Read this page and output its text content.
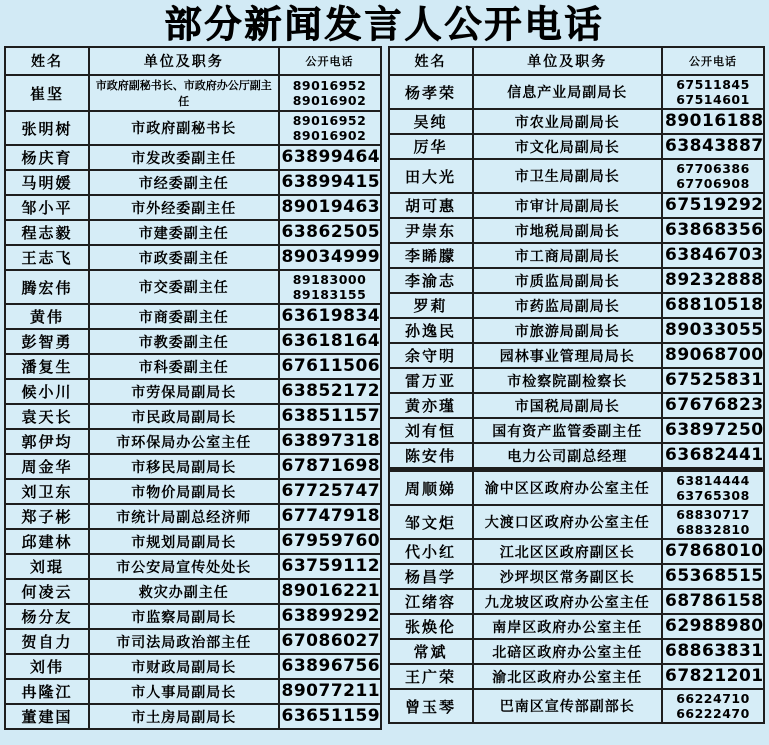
部分新闻发言人公开电话
姓名	单位及职务	公开电话
崔坚	市政府副秘书长、市政府办公厅副主任	89016952
89016902

张明树	市政府副秘书长	89016952
89016902

杨庆育	市发改委副主任	63899464

马明媛	市经委副主任	63899415

邹小平	市外经委副主任	89019463

程志毅	市建委副主任	63862505

王志飞	市政委副主任	89034999

腾宏伟	市交委副主任	89183000
89183155

黄伟	市商委副主任	63619834

彭智勇	市教委副主任	63618164

潘复生	市科委副主任	67611506

候小川	市劳保局副局长	63852172

袁天长	市民政局副局长	63851157

郭伊均	市环保局办公室主任	63897318

周金华	市移民局副局长	67871698

刘卫东	市物价局副局长	67725747

郑子彬	市统计局副总经济师	67747918

邱建林	市规划局副局长	67959760

刘琨	市公安局宣传处处长	63759112

何凌云	救灾办副主任	89016221

杨分友	市监察局副局长	63899292

贺自力	市司法局政治部主任	67086027

刘伟	市财政局副局长	63896756

冉隆江	市人事局副局长	89077211

董建国	市土房局副局长	63651159
姓名	单位及职务	公开电话
杨孝荣	信息产业局副局长	67511845
67514601

吴纯	市农业局副局长	89016188

厉华	市文化局副局长	63843887

田大光	市卫生局副局长	67706386
67706908

胡可惠	市审计局副局长	67519292

尹崇东	市地税局副局长	63868356

李睎朦	市工商局副局长	63846703

李渝志	市质监局副局长	89232888

罗莉	市药监局副局长	68810518

孙逸民	市旅游局副局长	89033055

余守明	园林事业管理局局长	89068700

雷万亚	市检察院副检察长	67525831

黄亦瑾	市国税局副局长	67676823

刘有恒	国有资产监管委副主任	63897250

陈安伟	电力公司副总经理	63682441

周顺娣	渝中区区政府办公室主任	63814444
63765308

邹文炬	大渡口区政府办公室主任	68830717
68832810

代小红	江北区区政府副区长	67868010

杨昌学	沙坪坝区常务副区长	65368515

江绪容	九龙坡区政府办公室主任	68786158

张焕伦	南岸区政府办公室主任	62988980

常斌	北碚区政府办公室主任	68863831

王广荣	渝北区政府办公室主任	67821201

曾玉琴	巴南区宣传部副部长	66224710
66222470
